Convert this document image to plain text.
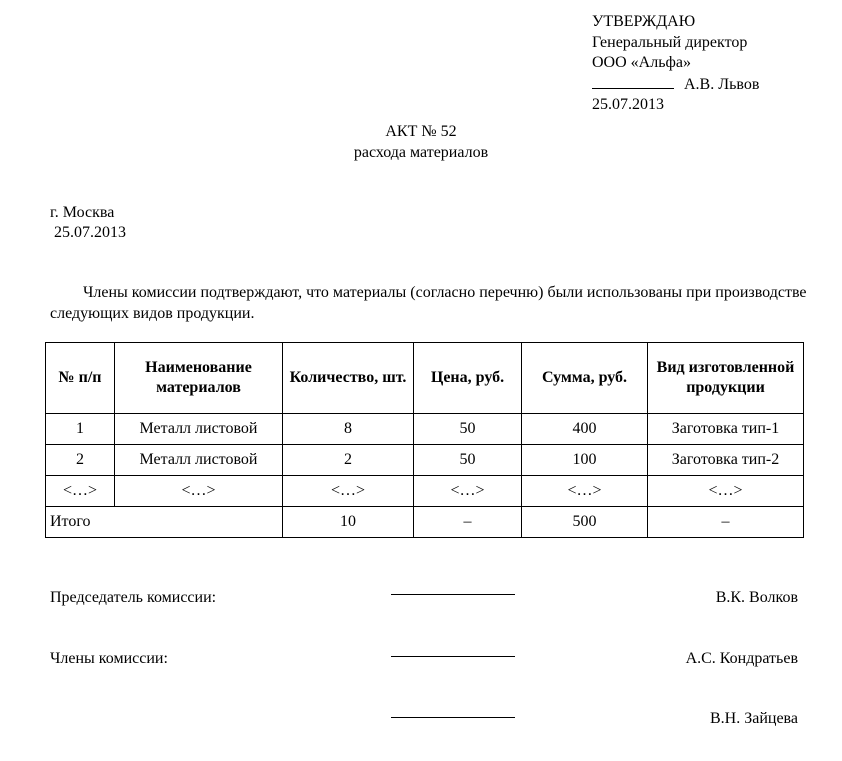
УТВЕРЖДАЮ
Генеральный директор
ООО «Альфа»
А.В. Львов
25.07.2013
АКТ № 52
расхода материалов
г. Москва
25.07.2013

Члены комиссии подтверждают, что материалы (согласно перечню) были использованы при производстве следующих видов продукции.

№ п/п	Наименование материалов	Количество, шт.	Цена, руб.	Сумма, руб.	Вид изготовленной продукции
1	Металл листовой	8	50	400	Заготовка тип-1
2	Металл листовой	2	50	100	Заготовка тип-2
<…>	<…>	<…>	<…>	<…>	<…>
Итого		10	–	500	–
Председатель комиссии:	В.К. Волков
Члены комиссии:	А.С. Кондратьев
В.Н. Зайцева
